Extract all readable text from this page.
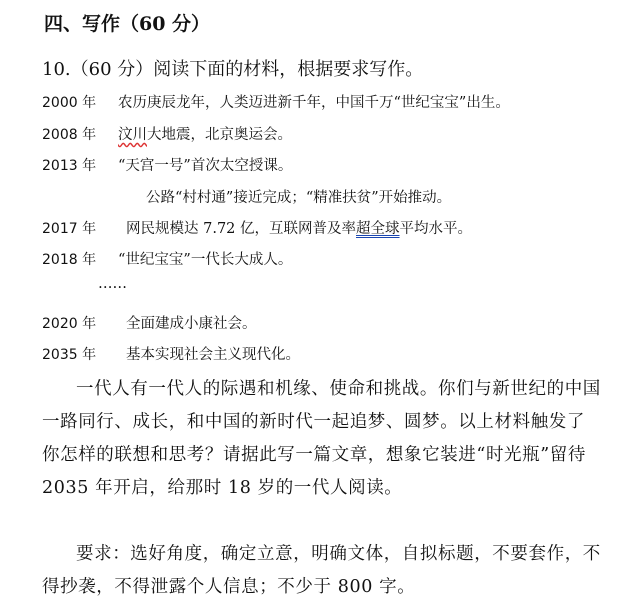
四、写作（60 分）
10.（60 分）阅读下面的材料，根据要求写作。
2000 年 农历庚辰龙年，人类迈进新千年，中国千万“世纪宝宝”出生。
2008 年 汶川大地震，北京奥运会。
2013 年 “天宫一号”首次太空授课。
公路“村村通”接近完成；“精准扶贫”开始推动。
2017 年 网民规模达 7.72 亿，互联网普及率超全球平均水平。
2018 年 “世纪宝宝”一代长大成人。
……
2020 年 全面建成小康社会。
2035 年 基本实现社会主义现代化。
一代人有一代人的际遇和机缘、使命和挑战。你们与新世纪的中国一路同行、成长，和中国的新时代一起追梦、圆梦。以上材料触发了你怎样的联想和思考？请据此写一篇文章，想象它装进“时光瓶”留待 2035 年开启，给那时 18 岁的一代人阅读。
要求：选好角度，确定立意，明确文体，自拟标题，不要套作，不得抄袭，不得泄露个人信息；不少于 800 字。
